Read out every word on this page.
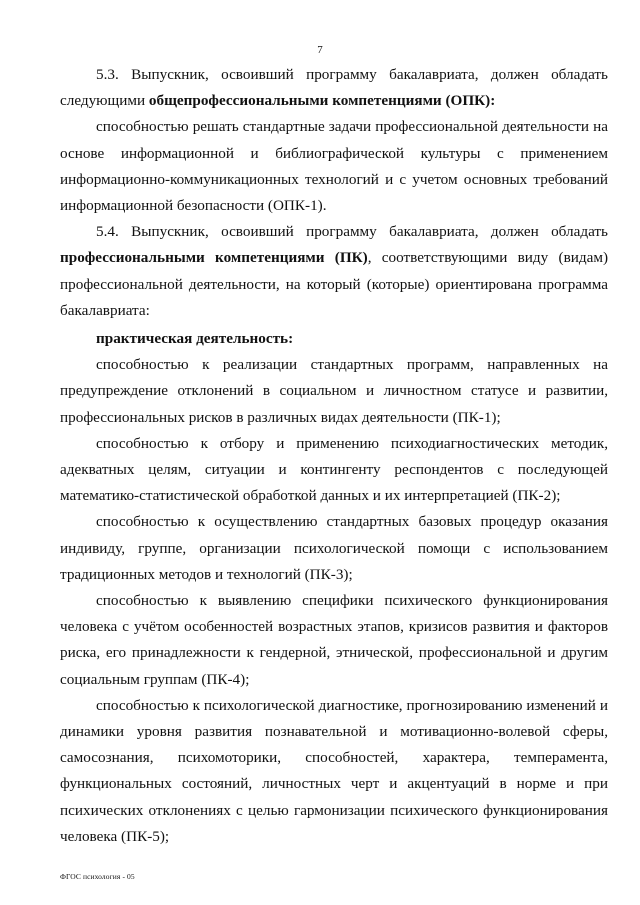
7

5.3. Выпускник, освоивший программу бакалавриата, должен обладать следующими общепрофессиональными компетенциями (ОПК):

способностью решать стандартные задачи профессиональной деятельности на основе информационной и библиографической культуры с применением информационно-коммуникационных технологий и с учетом основных требований информационной безопасности (ОПК-1).

5.4. Выпускник, освоивший программу бакалавриата, должен обладать профессиональными компетенциями (ПК), соответствующими виду (видам) профессиональной деятельности, на который (которые) ориентирована программа бакалавриата:

практическая деятельность:

способностью к реализации стандартных программ, направленных на предупреждение отклонений в социальном и личностном статусе и развитии, профессиональных рисков в различных видах деятельности (ПК-1);

способностью к отбору и применению психодиагностических методик, адекватных целям, ситуации и контингенту респондентов с последующей математико-статистической обработкой данных и их интерпретацией (ПК-2);

способностью к осуществлению стандартных базовых процедур оказания индивиду, группе, организации психологической помощи с использованием традиционных методов и технологий (ПК-3);

способностью к выявлению специфики психического функционирования человека с учётом особенностей возрастных этапов, кризисов развития и факторов риска, его принадлежности к гендерной, этнической, профессиональной и другим социальным группам (ПК-4);

способностью к психологической диагностике, прогнозированию изменений и динамики уровня развития познавательной и мотивационно-волевой сферы, самосознания, психомоторики, способностей, характера, темперамента, функциональных состояний, личностных черт и акцентуаций в норме и при психических отклонениях с целью гармонизации психического функционирования человека (ПК-5);

ФГОС психология - 05
